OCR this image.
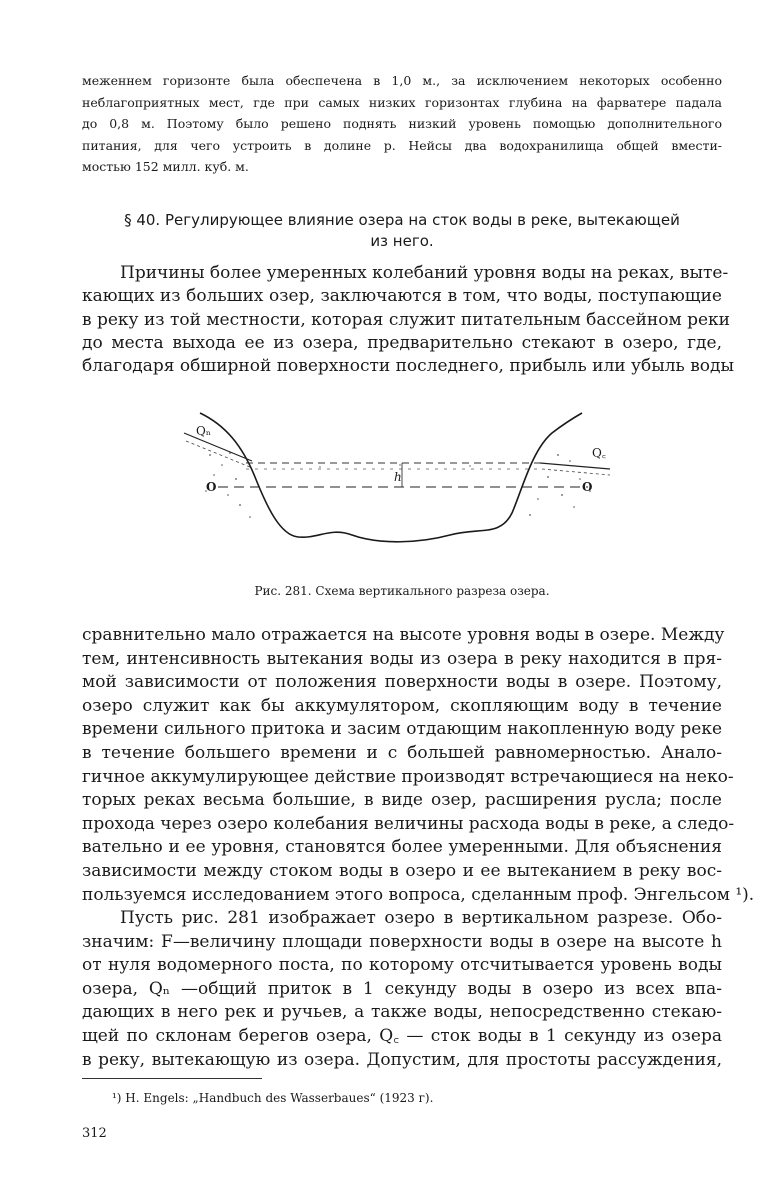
меженнем горизонте была обеспечена в 1,0 м., за исключением некоторых особенно
неблагоприятных мест, где при самых низких горизонтах глубина на фарватере падала
до 0,8 м. Поэтому было решено поднять низкий уровень помощью дополнительного
питания, для чего устроить в долине р. Нейсы два водохранилища общей вмести-
мостью 152 милл. куб. м.
§ 40. Регулирующее влияние озера на сток воды в реке, вытекающей
из него.
Причины более умеренных колебаний уровня воды на реках, выте-
кающих из больших озер, заключаются в том, что воды, поступающие
в реку из той местности, которая служит питательным бассейном реки
до места выхода ее из озера, предварительно стекают в озеро, где,
благодаря обширной поверхности последнего, прибыль или убыль воды
h
Qₙ
Q꜀
O	O
Рис. 281. Схема вертикального разреза озера.
сравнительно мало отражается на высоте уровня воды в озере. Между
тем, интенсивность вытекания воды из озера в реку находится в пря-
мой зависимости от положения поверхности воды в озере. Поэтому,
озеро служит как бы аккумулятором, скопляющим воду в течение
времени сильного притока и засим отдающим накопленную воду реке
в течение большего времени и с большей равномерностью. Анало-
гичное аккумулирующее действие производят встречающиеся на неко-
торых реках весьма большие, в виде озер, расширения русла; после
прохода через озеро колебания величины расхода воды в реке, а следо-
вательно и ее уровня, становятся более умеренными. Для объяснения
зависимости между стоком воды в озеро и ее вытеканием в реку вос-
пользуемся исследованием этого вопроса, сделанным проф. Энгельсом ¹).
Пусть рис. 281 изображает озеро в вертикальном разрезе. Обо-
значим: F—величину площади поверхности воды в озере на высоте h
от нуля водомерного поста, по которому отсчитывается уровень воды
озера, Qₙ —общий приток в 1 секунду воды в озеро из всех впа-
дающих в него рек и ручьев, а также воды, непосредственно стекаю-
щей по склонам берегов озера, Q꜀ — сток воды в 1 секунду из озера
в реку, вытекающую из озера. Допустим, для простоты рассуждения,
¹) H. Engels: „Handbuch des Wasserbaues“ (1923 г).
312
